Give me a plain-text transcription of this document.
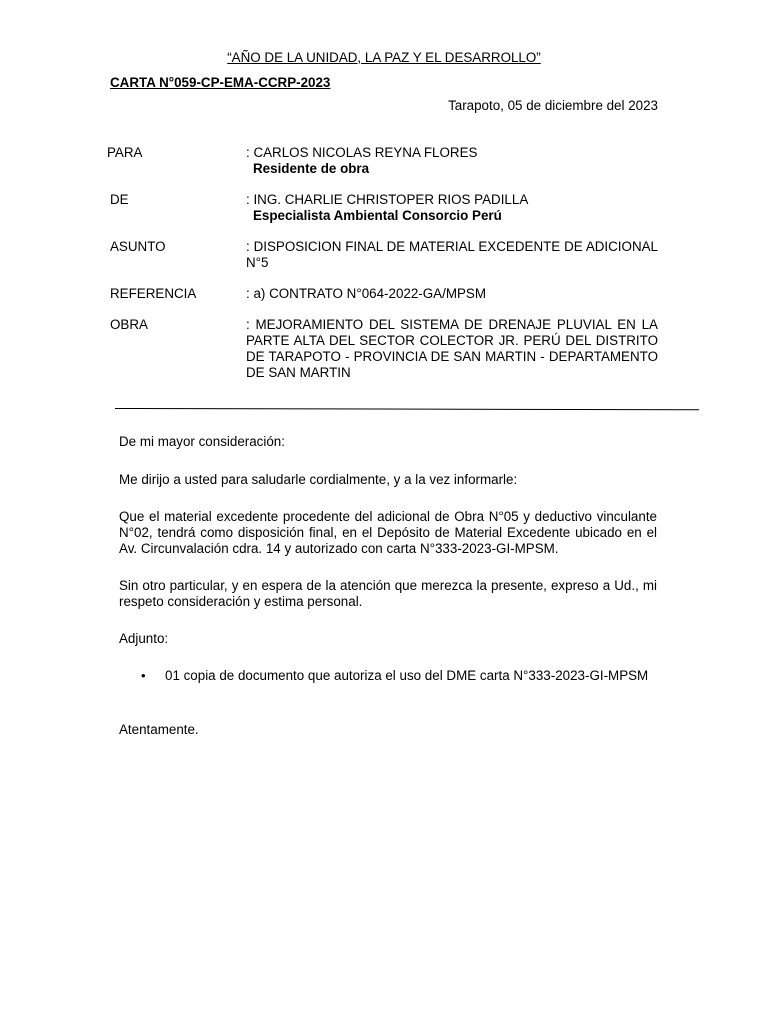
“AÑO DE LA UNIDAD, LA PAZ Y EL DESARROLLO”
CARTA N°059-CP-EMA-CCRP-2023
Tarapoto, 05 de diciembre del 2023
PARA	: CARLOS NICOLAS REYNA FLORES
Residente de obra
DE	: ING. CHARLIE CHRISTOPER RIOS PADILLA
Especialista Ambiental Consorcio Perú
ASUNTO	: DISPOSICION FINAL DE MATERIAL EXCEDENTE DE ADICIONAL N°5
REFERENCIA	: a) CONTRATO N°064-2022-GA/MPSM
OBRA	: MEJORAMIENTO DEL SISTEMA DE DRENAJE PLUVIAL EN LA PARTE ALTA DEL SECTOR COLECTOR JR. PERÚ DEL DISTRITO DE TARAPOTO - PROVINCIA DE SAN MARTIN - DEPARTAMENTO DE SAN MARTIN
De mi mayor consideración:
Me dirijo a usted para saludarle cordialmente, y a la vez informarle:
Que el material excedente procedente del adicional de Obra N°05 y deductivo vinculante N°02, tendrá como disposición final, en el Depósito de Material Excedente ubicado en el Av. Circunvalación cdra. 14 y autorizado con carta N°333-2023-GI-MPSM.
Sin otro particular, y en espera de la atención que merezca la presente, expreso a Ud., mi respeto consideración y estima personal.
Adjunto:
• 01 copia de documento que autoriza el uso del DME carta N°333-2023-GI-MPSM
Atentamente.
